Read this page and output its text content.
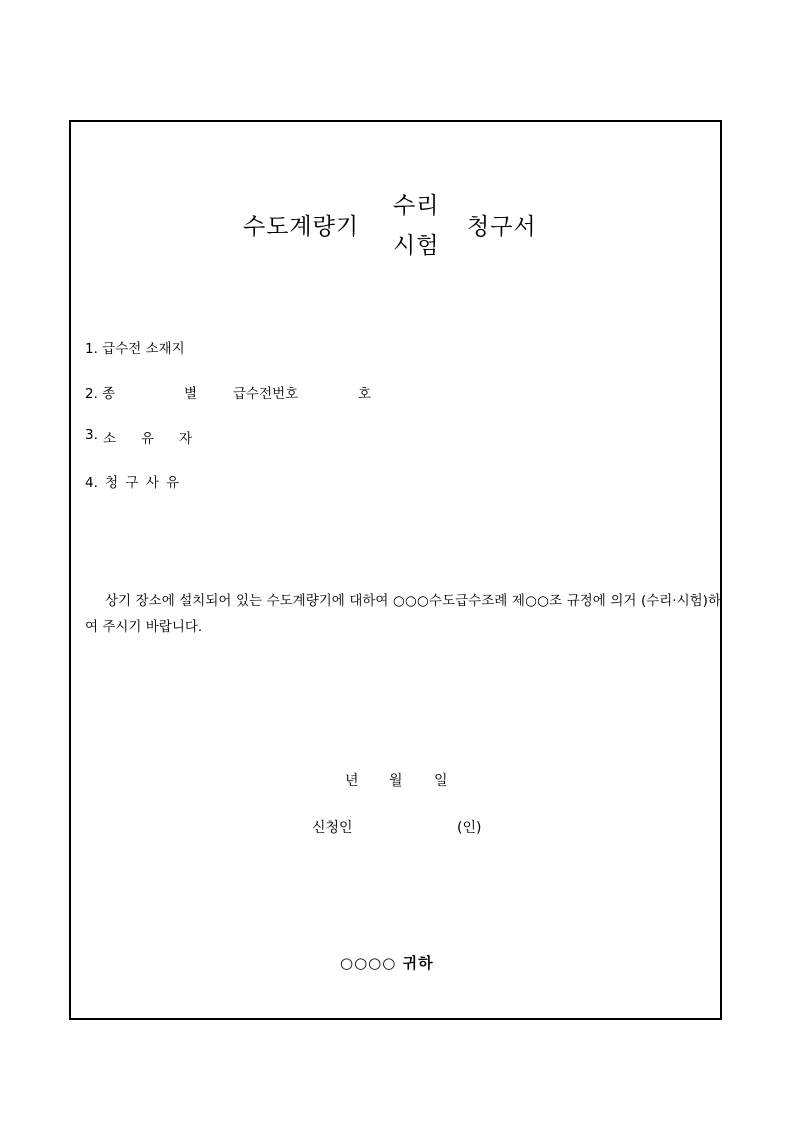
수도계량기
수리
시험
청구서
1. 급수전 소재지
2. 종	별	급수전번호	호
3. 소 유 자
4. 청 구 사 유
상기 장소에 설치되어 있는 수도계량기에 대하여 ○○○수도급수조례 제○○조 규정에 의거 (수리·시험)하여 주시기 바랍니다.
년 월 일
신청인	(인)
○○○○ 귀하
